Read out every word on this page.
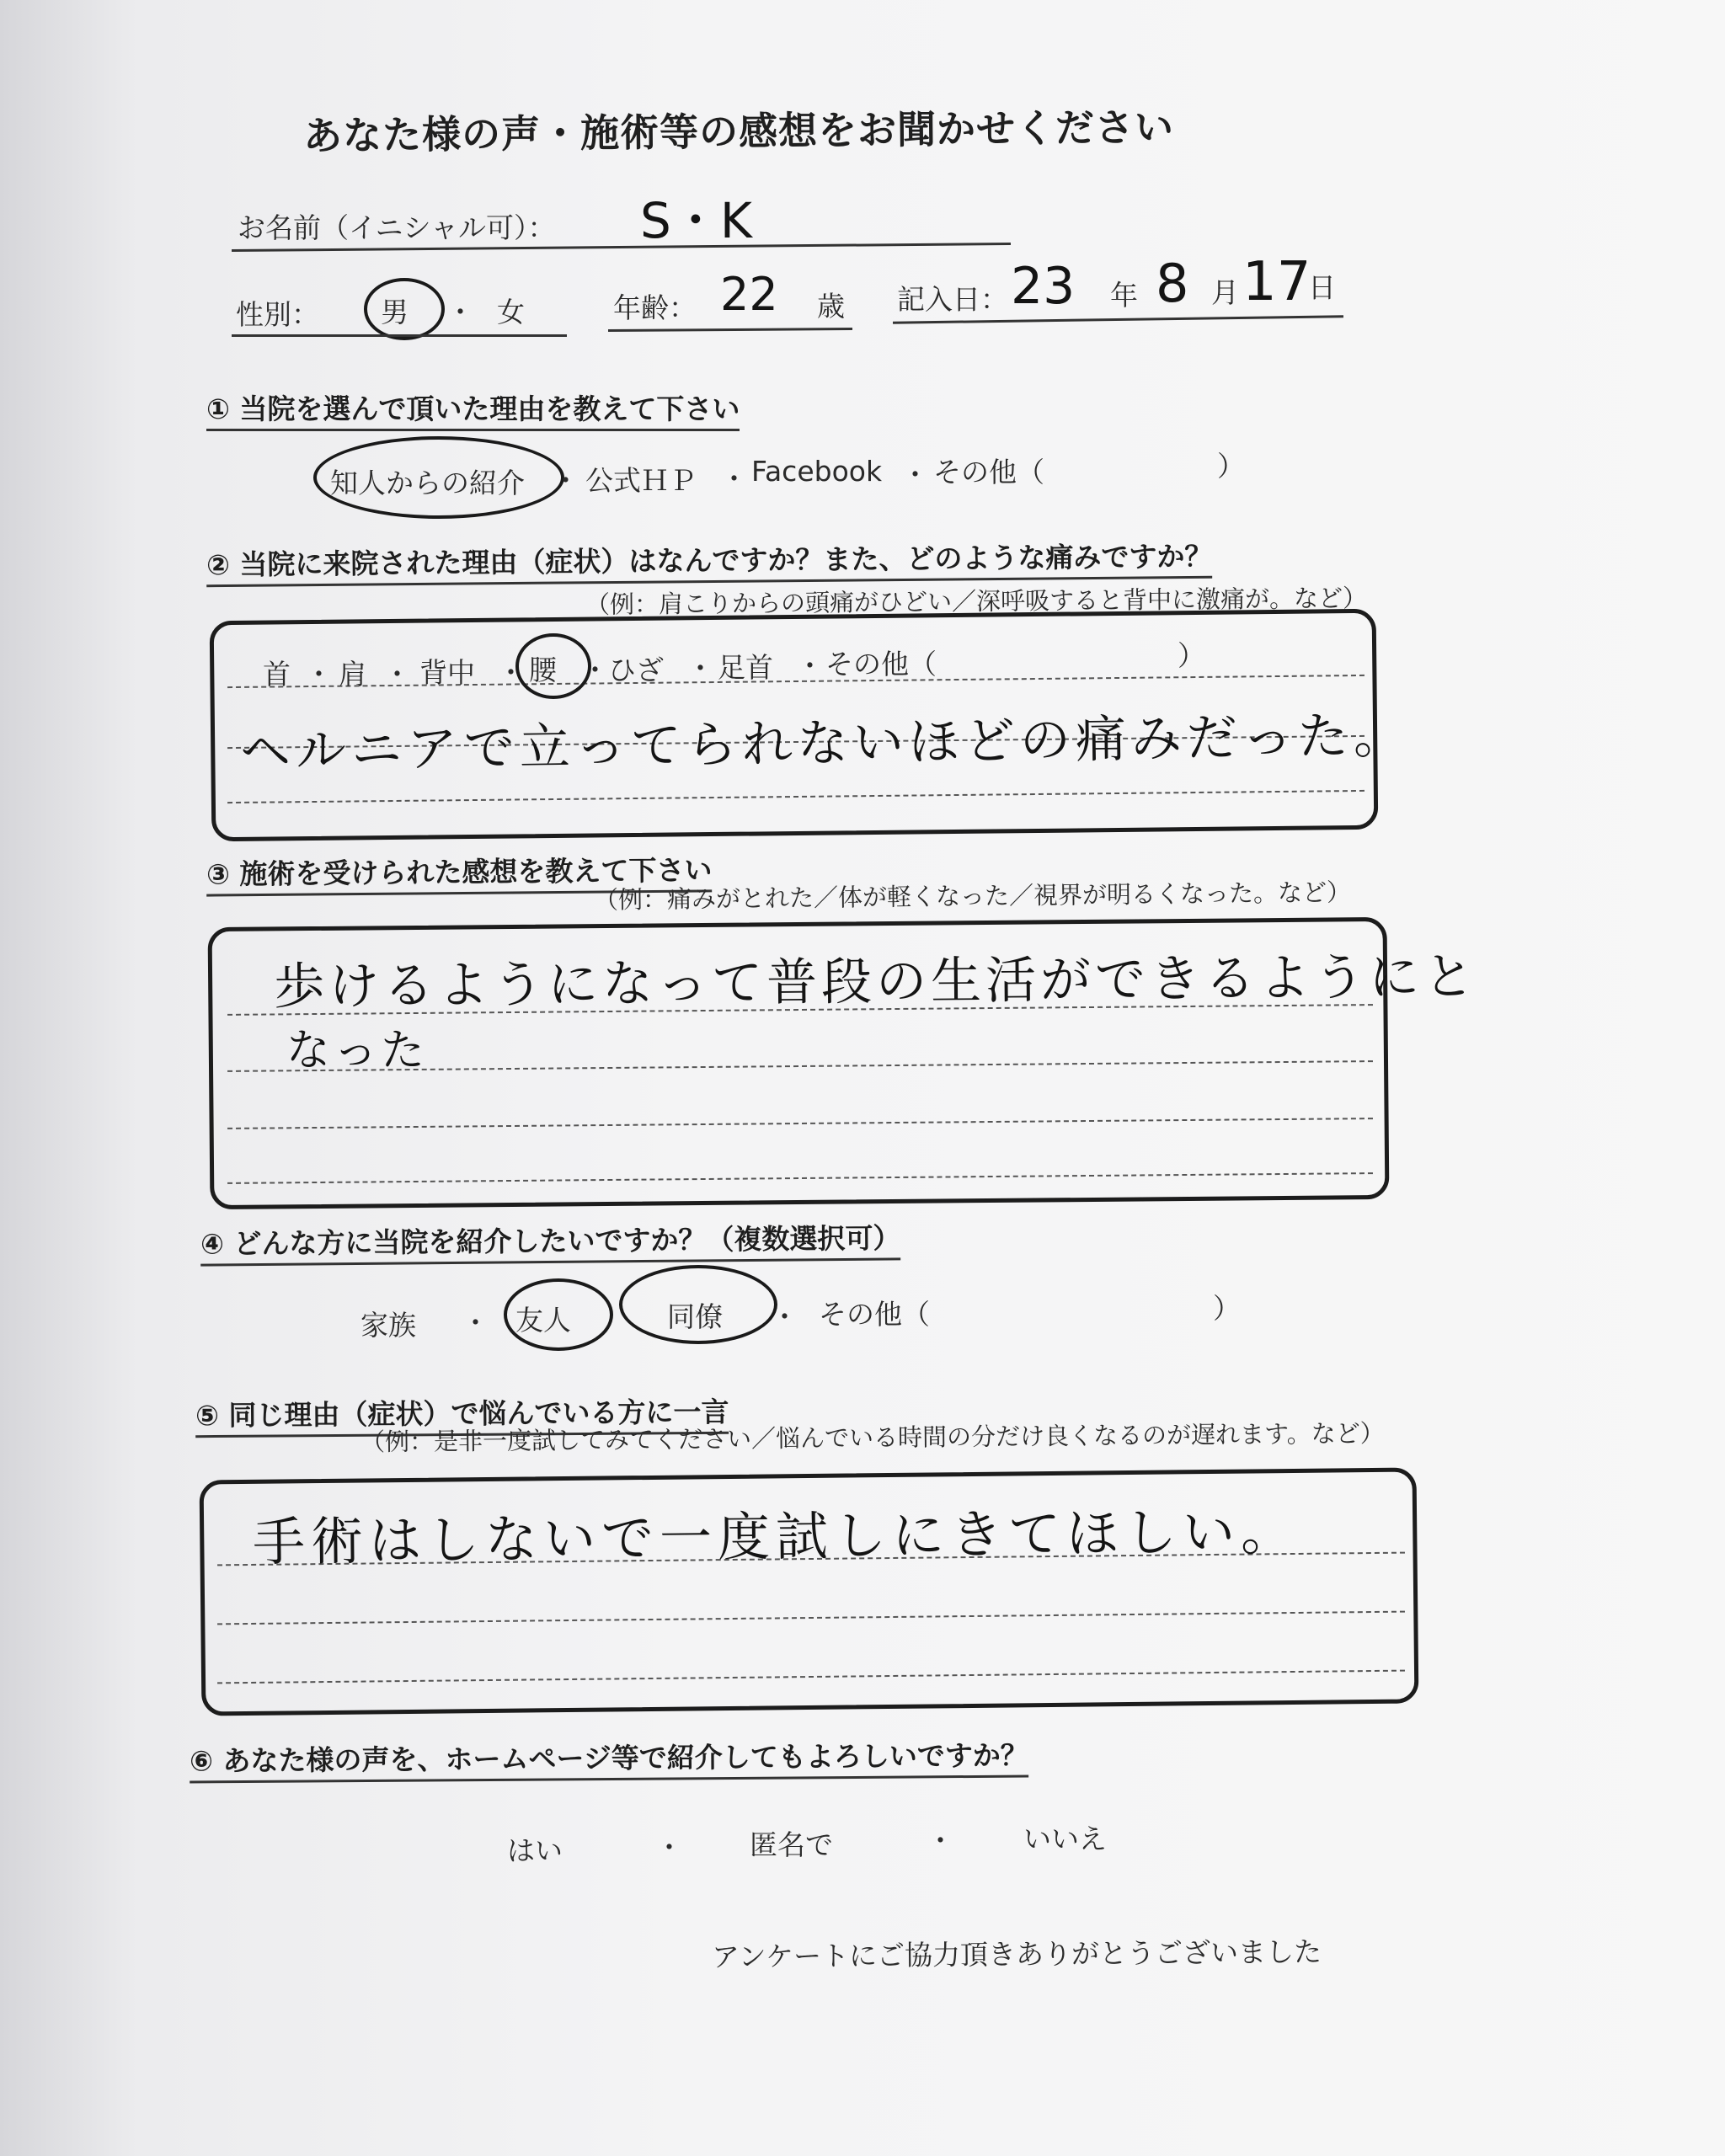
あなた様の声・施術等の感想をお聞かせください
お名前（イニシャル可）： S・K
性別： 男 ・ 女	年齢： 22 歳 記入日： 23 年 8 月 17
日
① 当院を選んで頂いた理由を教えて下さい
知人からの紹介 ・ 公式ＨＰ ・ Facebook ・ その他（	）
② 当院に来院された理由（症状）はなんですか？また、どのような痛みですか？
（例：肩こりからの頭痛がひどい／深呼吸すると背中に激痛が。など）
首 ・ 肩 ・ 背中 ・ 腰 ・ ひざ ・ 足首 ・ その他（	）
ヘルニアで立ってられないほどの痛みだった。
③ 施術を受けられた感想を教えて下さい
（例：痛みがとれた／体が軽くなった／視界が明るくなった。など）
歩けるようになって普段の生活ができるようにと
なった
④ どんな方に当院を紹介したいですか？（複数選択可）
家族 ・ 友人	同僚 ・ その他（	）
⑤ 同じ理由（症状）で悩んでいる方に一言
（例：是非一度試してみてください／悩んでいる時間の分だけ良くなるのが遅れます。など）
手術はしないで一度試しにきてほしい。
⑥ あなた様の声を、ホームページ等で紹介してもよろしいですか？
はい	・ 匿名で	・ いいえ
アンケートにご協力頂きありがとうございました
